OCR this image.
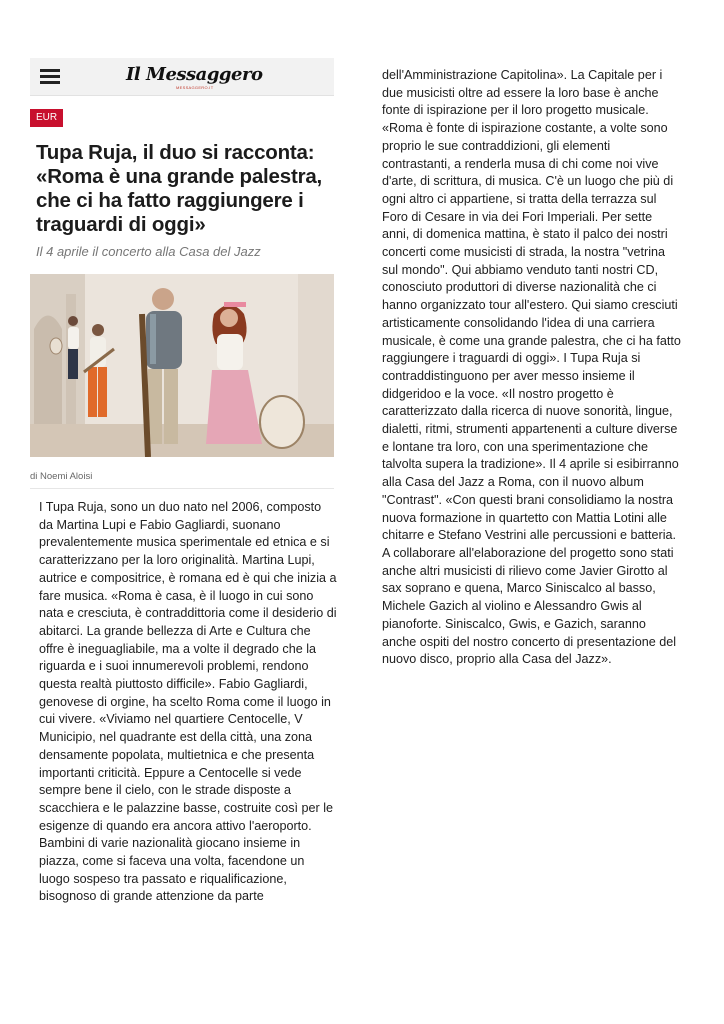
Il Messaggero
MESSAGGERO.IT
EUR
Tupa Ruja, il duo si racconta: «Roma è una grande palestra, che ci ha fatto raggiungere i traguardi di oggi»
Il 4 aprile il concerto alla Casa del Jazz
di Noemi Aloisi

I Tupa Ruja, sono un duo nato nel 2006, composto da Martina Lupi e Fabio Gagliardi, suonano prevalentemente musica sperimentale ed etnica e si caratterizzano per la loro originalità. Martina Lupi, autrice e compositrice, è romana ed è qui che inizia a fare musica. «Roma è casa, è il luogo in cui sono nata e cresciuta, è contraddittoria come il desiderio di abitarci. La grande bellezza di Arte e Cultura che offre è ineguagliabile, ma a volte il degrado che la riguarda e i suoi innumerevoli problemi, rendono questa realtà piuttosto difficile». Fabio Gagliardi, genovese di orgine, ha scelto Roma come il luogo in cui vivere. «Viviamo nel quartiere Centocelle, V Municipio, nel quadrante est della città, una zona densamente popolata, multietnica e che presenta importanti criticità. Eppure a Centocelle si vede sempre bene il cielo, con le strade disposte a scacchiera e le palazzine basse, costruite così per le esigenze di quando era ancora attivo l'aeroporto. Bambini di varie nazionalità giocano insieme in piazza, come si faceva una volta, facendone un luogo sospeso tra passato e riqualificazione, bisognoso di grande attenzione da parte

dell'Amministrazione Capitolina». La Capitale per i due musicisti oltre ad essere la loro base è anche fonte di ispirazione per il loro progetto musicale. «Roma è fonte di ispirazione costante, a volte sono proprio le sue contraddizioni, gli elementi contrastanti, a renderla musa di chi come noi vive d'arte, di scrittura, di musica. C'è un luogo che più di ogni altro ci appartiene, si tratta della terrazza sul Foro di Cesare in via dei Fori Imperiali. Per sette anni, di domenica mattina, è stato il palco dei nostri concerti come musicisti di strada, la nostra "vetrina sul mondo". Qui abbiamo venduto tanti nostri CD, conosciuto produttori di diverse nazionalità che ci hanno organizzato tour all'estero. Qui siamo cresciuti artisticamente consolidando l'idea di una carriera musicale, è come una grande palestra, che ci ha fatto raggiungere i traguardi di oggi». I Tupa Ruja si contraddistinguono per aver messo insieme il didgeridoo e la voce. «Il nostro progetto è caratterizzato dalla ricerca di nuove sonorità, lingue, dialetti, ritmi, strumenti appartenenti a culture diverse e lontane tra loro, con una sperimentazione che talvolta supera la tradizione». Il 4 aprile si esibirranno alla Casa del Jazz a Roma, con il nuovo album "Contrast". «Con questi brani consolidiamo la nostra nuova formazione in quartetto con Mattia Lotini alle chitarre e Stefano Vestrini alle percussioni e batteria. A collaborare all'elaborazione del progetto sono stati anche altri musicisti di rilievo come Javier Girotto al sax soprano e quena, Marco Siniscalco al basso, Michele Gazich al violino e Alessandro Gwis al pianoforte. Siniscalco, Gwis, e Gazich, saranno anche ospiti del nostro concerto di presentazione del nuovo disco, proprio alla Casa del Jazz».
